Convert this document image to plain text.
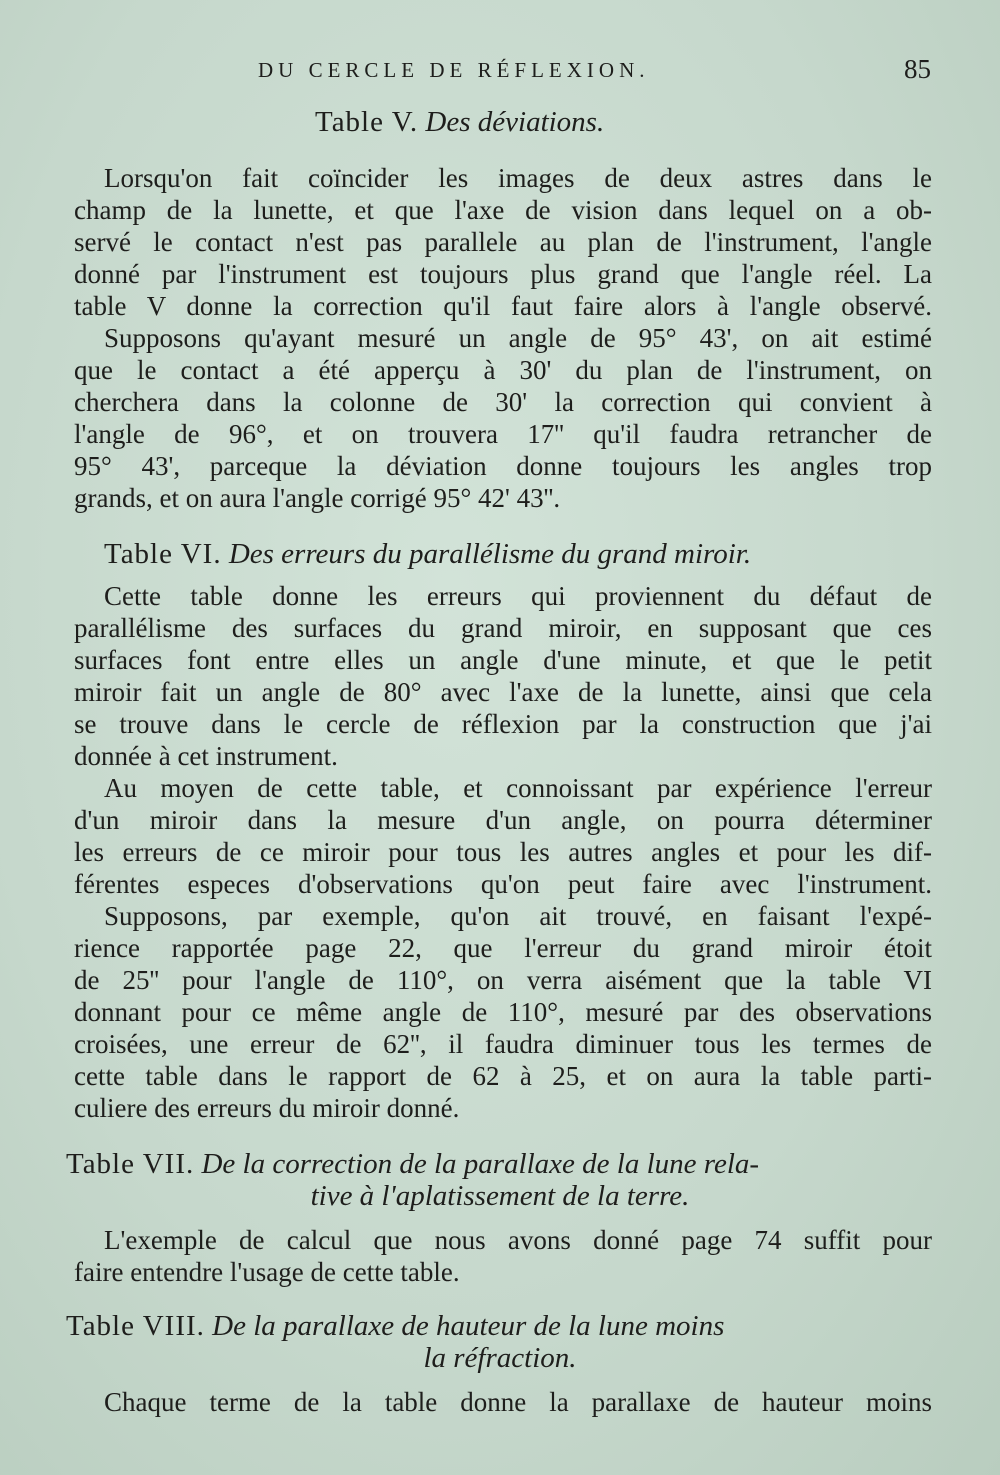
DU CERCLE DE RÉFLEXION.	85
Table V. Des déviations.
Lorsqu'on fait coïncider les images de deux astres dans le
champ de la lunette, et que l'axe de vision dans lequel on a ob-
servé le contact n'est pas parallele au plan de l'instrument, l'angle
donné par l'instrument est toujours plus grand que l'angle réel. La
table V donne la correction qu'il faut faire alors à l'angle observé.
Supposons qu'ayant mesuré un angle de 95° 43', on ait estimé
que le contact a été apperçu à 30' du plan de l'instrument, on
cherchera dans la colonne de 30' la correction qui convient à
l'angle de 96°, et on trouvera 17'' qu'il faudra retrancher de
95° 43', parceque la déviation donne toujours les angles trop
grands, et on aura l'angle corrigé 95° 42' 43''.
Table VI. Des erreurs du parallélisme du grand miroir.
Cette table donne les erreurs qui proviennent du défaut de
parallélisme des surfaces du grand miroir, en supposant que ces
surfaces font entre elles un angle d'une minute, et que le petit
miroir fait un angle de 80° avec l'axe de la lunette, ainsi que cela
se trouve dans le cercle de réflexion par la construction que j'ai
donnée à cet instrument.
Au moyen de cette table, et connoissant par expérience l'erreur
d'un miroir dans la mesure d'un angle, on pourra déterminer
les erreurs de ce miroir pour tous les autres angles et pour les dif-
férentes especes d'observations qu'on peut faire avec l'instrument.
Supposons, par exemple, qu'on ait trouvé, en faisant l'expé-
rience rapportée page 22, que l'erreur du grand miroir étoit
de 25'' pour l'angle de 110°, on verra aisément que la table VI
donnant pour ce même angle de 110°, mesuré par des observations
croisées, une erreur de 62'', il faudra diminuer tous les termes de
cette table dans le rapport de 62 à 25, et on aura la table parti-
culiere des erreurs du miroir donné.
Table VII. De la correction de la parallaxe de la lune rela-
tive à l'aplatissement de la terre.
L'exemple de calcul que nous avons donné page 74 suffit pour
faire entendre l'usage de cette table.
Table VIII. De la parallaxe de hauteur de la lune moins
la réfraction.
Chaque terme de la table donne la parallaxe de hauteur moins
